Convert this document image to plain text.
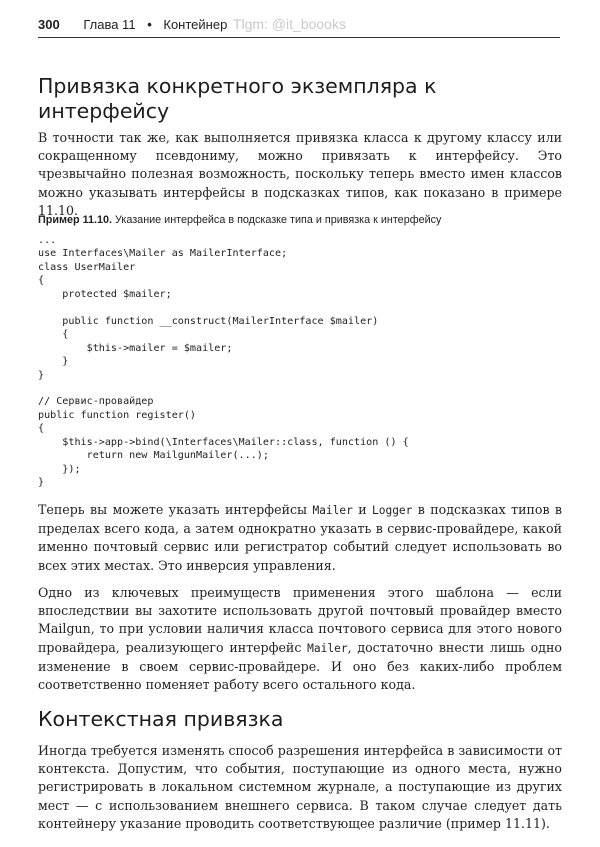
300 Глава 11 • Контейнер Tlgm: @it_boooks
Привязка конкретного экземпляра к интерфейсу

В точности так же, как выполняется привязка класса к другому классу или сокращенному псевдониму, можно привязать к интерфейсу. Это чрезвычайно полезная возможность, поскольку теперь вместо имен классов можно указывать интерфейсы в подсказках типов, как показано в примере 11.10.

Пример 11.10. Указание интерфейса в подсказке типа и привязка к интерфейсу
...
use Interfaces\Mailer as MailerInterface;
class UserMailer
{
protected $mailer;

public function __construct(MailerInterface $mailer)
{
$this->mailer = $mailer;
}
}

// Сервис-провайдер
public function register()
{
$this->app->bind(\Interfaces\Mailer::class, function () {
return new MailgunMailer(...);
});
}

Теперь вы можете указать интерфейсы Mailer и Logger в подсказках типов в пределах всего кода, а затем однократно указать в сервис-провайдере, какой именно почтовый сервис или регистратор событий следует использовать во всех этих местах. Это инверсия управления.

Одно из ключевых преимуществ применения этого шаблона — если впоследствии вы захотите использовать другой почтовый провайдер вместо Mailgun, то при условии наличия класса почтового сервиса для этого нового провайдера, реализующего интерфейс Mailer, достаточно внести лишь одно изменение в своем сервис-провайдере. И оно без каких-либо проблем соответственно поменяет работу всего остального кода.

Контекстная привязка

Иногда требуется изменять способ разрешения интерфейса в зависимости от контекста. Допустим, что события, поступающие из одного места, нужно регистрировать в локальном системном журнале, а поступающие из других мест — с использованием внешнего сервиса. В таком случае следует дать контейнеру указание проводить соответствующее различие (пример 11.11).
